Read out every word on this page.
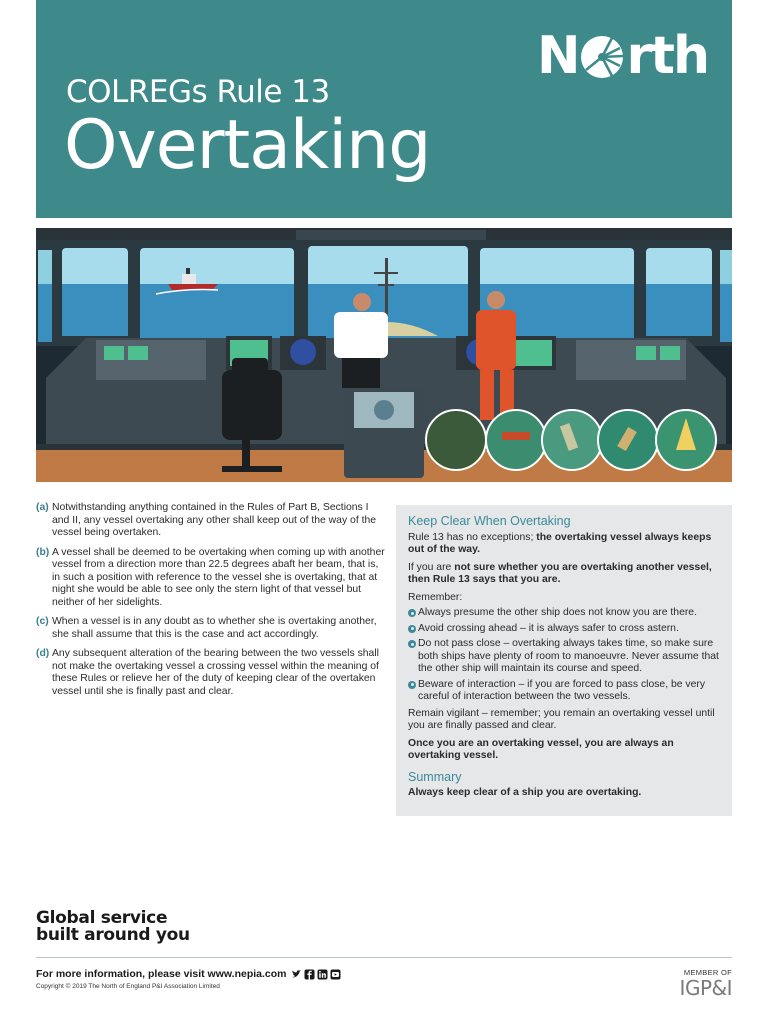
COLREGs Rule 13
Overtaking
N rth
(a) Notwithstanding anything contained in the Rules of Part B, Sections I and II, any vessel overtaking any other shall keep out of the way of the vessel being overtaken.
(b) A vessel shall be deemed to be overtaking when coming up with another vessel from a direction more than 22.5 degrees abaft her beam, that is, in such a position with reference to the vessel she is overtaking, that at night she would be able to see only the stern light of that vessel but neither of her sidelights.
(c) When a vessel is in any doubt as to whether she is overtaking another, she shall assume that this is the case and act accordingly.
(d) Any subsequent alteration of the bearing between the two vessels shall not make the overtaking vessel a crossing vessel within the meaning of these Rules or relieve her of the duty of keeping clear of the overtaken vessel until she is finally past and clear.
Keep Clear When Overtaking

Rule 13 has no exceptions; the overtaking vessel always keeps out of the way.

If you are not sure whether you are overtaking another vessel, then Rule 13 says that you are.

Remember:

Always presume the other ship does not know you are there.
Avoid crossing ahead – it is always safer to cross astern.
Do not pass close – overtaking always takes time, so make sure both ships have plenty of room to manoeuvre. Never assume that the other ship will maintain its course and speed.
Beware of interaction – if you are forced to pass close, be very careful of interaction between the two vessels.

Remain vigilant – remember; you remain an overtaking vessel until you are finally passed and clear.

Once you are an overtaking vessel, you are always an overtaking vessel.

Summary

Always keep clear of a ship you are overtaking.

Global service
built around you
For more information, please visit www.nepia.com
Copyright © 2019 The North of England P&I Association Limited
MEMBER OF
IGP&I
